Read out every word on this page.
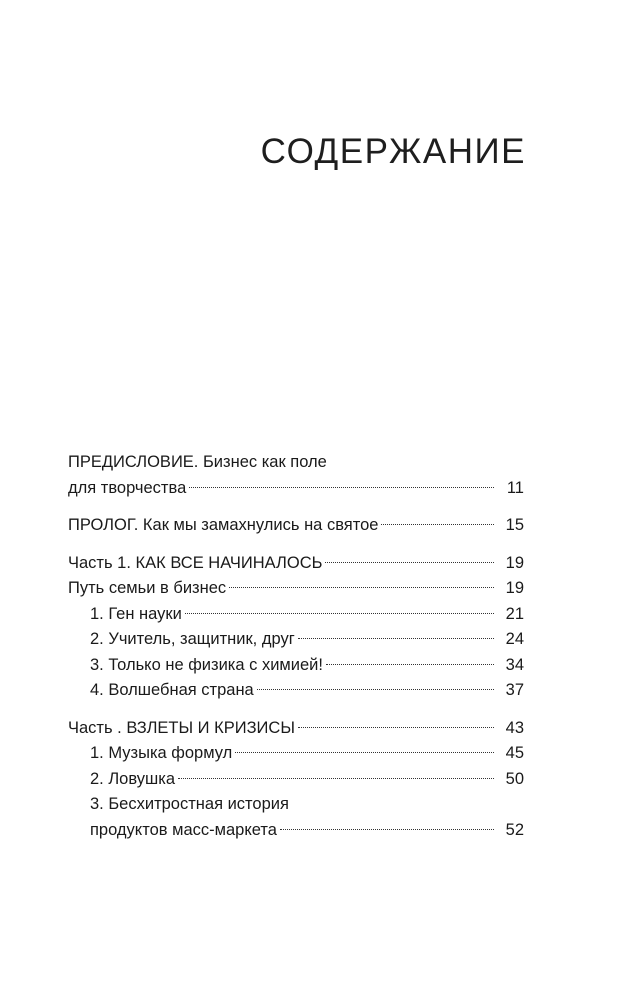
СОДЕРЖАНИЕ
ПРЕДИСЛОВИЕ. Бизнес как поле
для творчества	11
ПРОЛОГ. Как мы замахнулись на святое	15
Часть 1. КАК ВСЕ НАЧИНАЛОСЬ	19
Путь семьи в бизнес	19
1. Ген науки	21
2. Учитель, защитник, друг	24
3. Только не физика с химией!	34
4. Волшебная страна	37
Часть . ВЗЛЕТЫ И КРИЗИСЫ	43
1. Музыка формул	45
2. Ловушка	50
3. Бесхитростная история
продуктов масс-маркета	52
